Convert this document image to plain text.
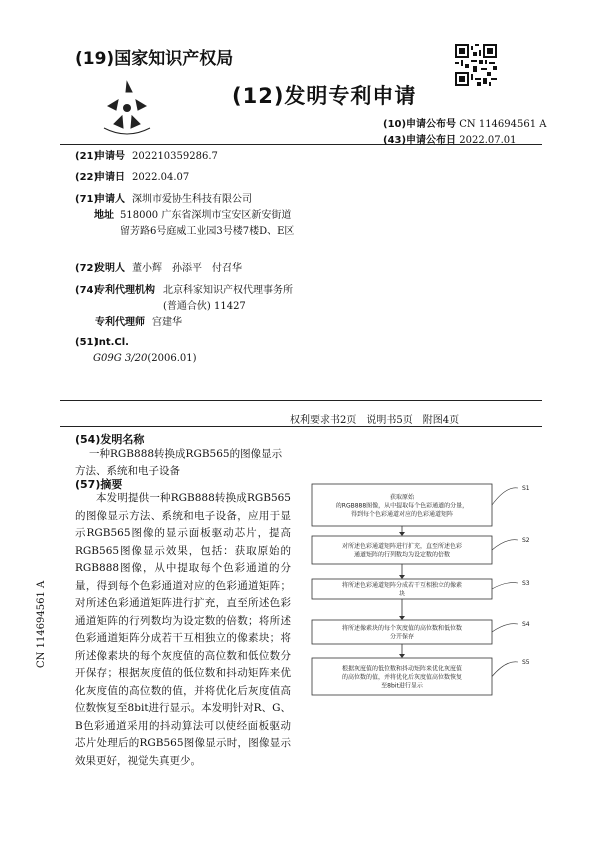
(19)国家知识产权局
(12)发明专利申请
(10)申请公布号 CN 114694561 A
(43)申请公布日 2022.07.01
(21)申请号 202210359286.7
(22)申请日 2022.04.07
(71)申请人 深圳市爱协生科技有限公司
地址 518000 广东省深圳市宝安区新安街道留芳路6号庭威工业园3号楼7楼D、E区
(72)发明人 董小辉　孙添平　付召华
(74)专利代理机构 北京科家知识产权代理事务所(普通合伙) 11427
专利代理师 宫建华
(51)Int.Cl.
G09G 3/20(2006.01)
权利要求书2页　说明书5页　附图4页
(54)发明名称
一种RGB888转换成RGB565的图像显示方法、系统和电子设备
(57)摘要
本发明提供一种RGB888转换成RGB565的图像显示方法、系统和电子设备，应用于显示RGB565图像的显示面板驱动芯片，提高RGB565图像显示效果，包括：获取原始的RGB888图像，从中提取每个色彩通道的分量，得到每个色彩通道对应的色彩通道矩阵；对所述色彩通道矩阵进行扩充，直至所述色彩通道矩阵的行列数均为设定数的倍数；将所述色彩通道矩阵分成若干互相独立的像素块；将所述像素块的每个灰度值的高位数和低位数分开保存；根据灰度值的低位数和抖动矩阵来优化灰度值的高位数的值，并将优化后灰度值高位数恢复至8bit进行显示。本发明针对R、G、B色彩通道采用的抖动算法可以使经面板驱动芯片处理后的RGB565图像显示时，图像显示效果更好，视觉失真更少。
CN 114694561 A
获取原始
的RGB888图像，从中提取每个色彩通道的分量，
得到每个色彩通道对应的色彩通道矩阵
S1
对所述色彩通道矩阵进行扩充，直至所述色彩
通道矩阵的行列数均为设定数的倍数
S2
将所述色彩通道矩阵分成若干互相独立的像素
块
S3
将所述像素块的每个灰度值的高位数和低位数
分开保存
S4
根据灰度值的低位数和抖动矩阵来优化灰度值
的高位数的值，并将优化后灰度值高位数恢复
至8bit进行显示
S5
